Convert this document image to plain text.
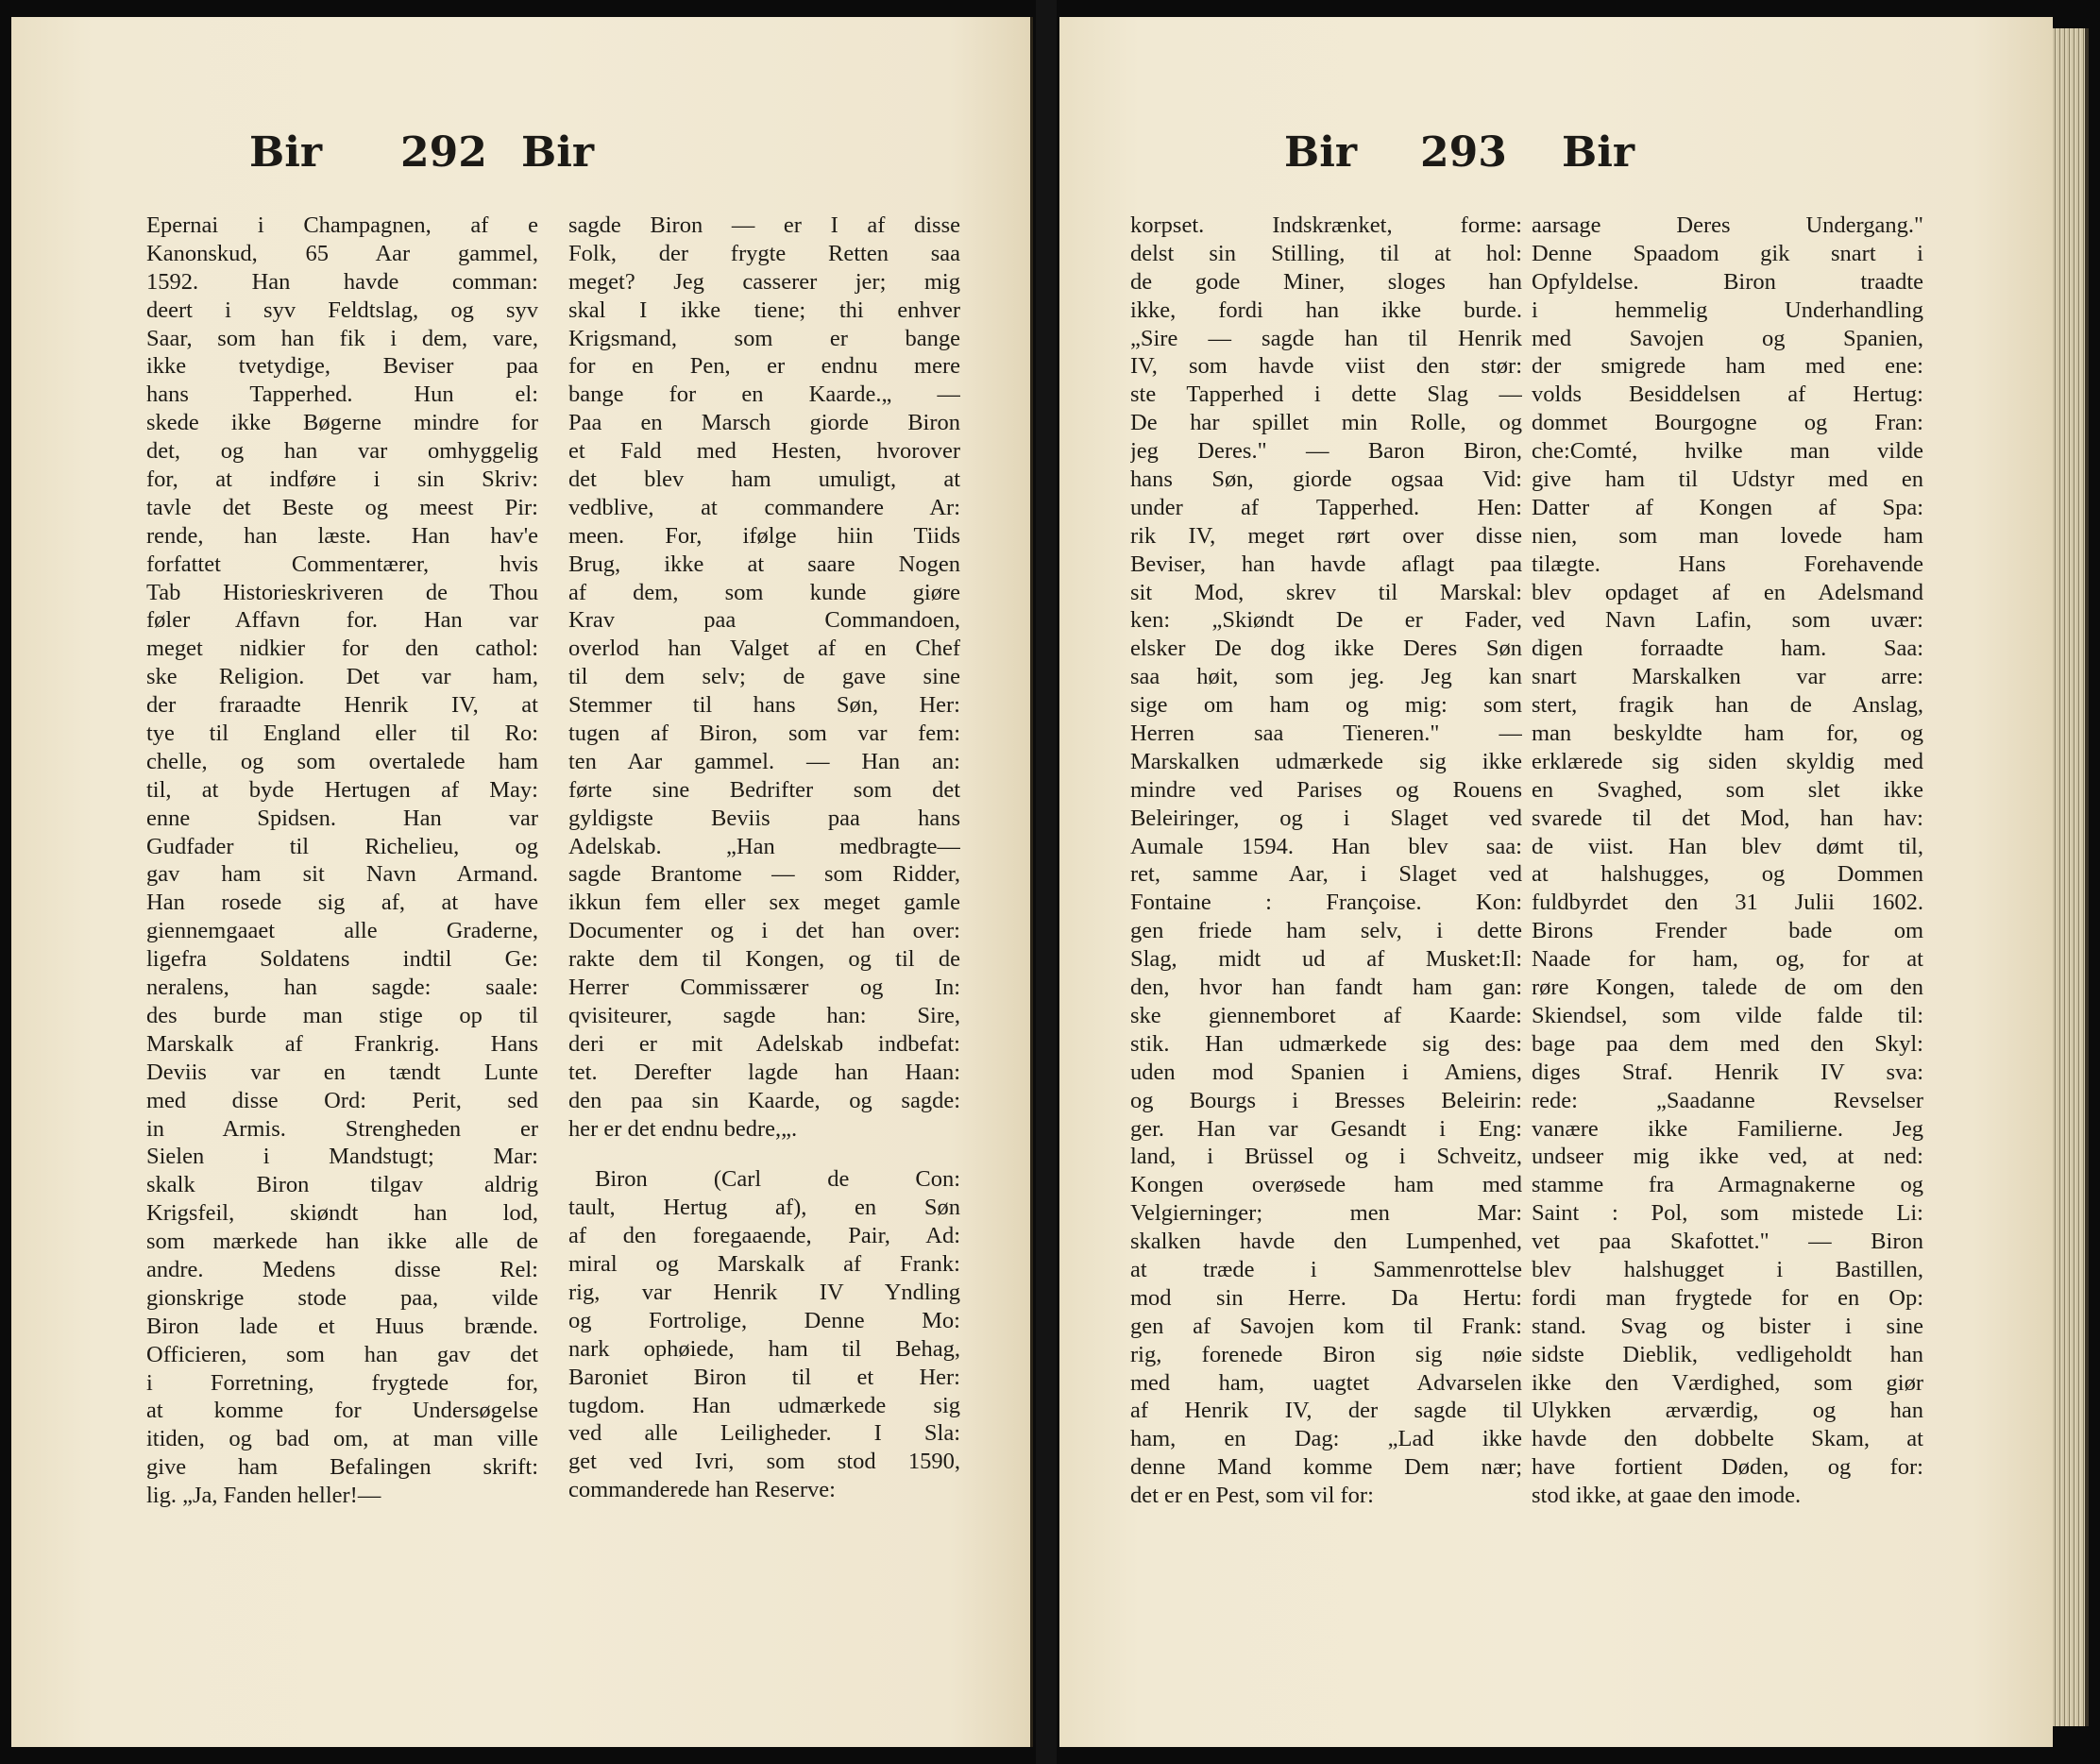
Bir 292 Bir
Epernai i Champagnen, af e
Kanonskud, 65 Aar gammel,
1592. Han havde comman:
deert i syv Feldtslag, og syv
Saar, som han fik i dem, vare,
ikke tvetydige, Beviser paa
hans Tapperhed. Hun el:
skede ikke Bøgerne mindre for
det, og han var omhyggelig
for, at indføre i sin Skriv:
tavle det Beste og meest Pir:
rende, han læste. Han hav'e
forfattet Commentærer, hvis
Tab Historieskriveren de Thou
føler Affavn for. Han var
meget nidkier for den cathol:
ske Religion. Det var ham,
der fraraadte Henrik IV, at
tye til England eller til Ro:
chelle, og som overtalede ham
til, at byde Hertugen af May:
enne Spidsen. Han var
Gudfader til Richelieu, og
gav ham sit Navn Armand.
Han rosede sig af, at have
giennemgaaet alle Graderne,
ligefra Soldatens indtil Ge:
neralens, han sagde: saale:
des burde man stige op til
Marskalk af Frankrig. Hans
Deviis var en tændt Lunte
med disse Ord: Perit, sed
in Armis. Strengheden er
Sielen i Mandstugt; Mar:
skalk Biron tilgav aldrig
Krigsfeil, skiøndt han lod,
som mærkede han ikke alle de
andre. Medens disse Rel:
gionskrige stode paa, vilde
Biron lade et Huus brænde.
Officieren, som han gav det
i Forretning, frygtede for,
at komme for Undersøgelse
itiden, og bad om, at man ville
give ham Befalingen skrift:
lig. „Ja, Fanden heller!—
sagde Biron — er I af disse
Folk, der frygte Retten saa
meget? Jeg casserer jer; mig
skal I ikke tiene; thi enhver
Krigsmand, som er bange
for en Pen, er endnu mere
bange for en Kaarde.„ —
Paa en Marsch giorde Biron
et Fald med Hesten, hvorover
det blev ham umuligt, at
vedblive, at commandere Ar:
meen. For, ifølge hiin Tiids
Brug, ikke at saare Nogen
af dem, som kunde giøre
Krav paa Commandoen,
overlod han Valget af en Chef
til dem selv; de gave sine
Stemmer til hans Søn, Her:
tugen af Biron, som var fem:
ten Aar gammel. — Han an:
førte sine Bedrifter som det
gyldigste Beviis paa hans
Adelskab. „Han medbragte—
sagde Brantome — som Ridder,
ikkun fem eller sex meget gamle
Documenter og i det han over:
rakte dem til Kongen, og til de
Herrer Commissærer og In:
qvisiteurer, sagde han: Sire,
deri er mit Adelskab indbefat:
tet. Derefter lagde han Haan:
den paa sin Kaarde, og sagde:
her er det endnu bedre,„.
Biron (Carl de Con:
tault, Hertug af), en Søn
af den foregaaende, Pair, Ad:
miral og Marskalk af Frank:
rig, var Henrik IV Yndling
og Fortrolige, Denne Mo:
nark ophøiede, ham til Behag,
Baroniet Biron til et Her:
tugdom. Han udmærkede sig
ved alle Leiligheder. I Sla:
get ved Ivri, som stod 1590,
commanderede han Reserve:
Bir 293 Bir
korpset. Indskrænket, forme:
delst sin Stilling, til at hol:
de gode Miner, sloges han
ikke, fordi han ikke burde.
„Sire — sagde han til Henrik
IV, som havde viist den stør:
ste Tapperhed i dette Slag —
De har spillet min Rolle, og
jeg Deres." — Baron Biron,
hans Søn, giorde ogsaa Vid:
under af Tapperhed. Hen:
rik IV, meget rørt over disse
Beviser, han havde aflagt paa
sit Mod, skrev til Marskal:
ken: „Skiøndt De er Fader,
elsker De dog ikke Deres Søn
saa høit, som jeg. Jeg kan
sige om ham og mig: som
Herren saa Tieneren." —
Marskalken udmærkede sig ikke
mindre ved Parises og Rouens
Beleiringer, og i Slaget ved
Aumale 1594. Han blev saa:
ret, samme Aar, i Slaget ved
Fontaine : Françoise. Kon:
gen friede ham selv, i dette
Slag, midt ud af Musket:Il:
den, hvor han fandt ham gan:
ske giennemboret af Kaarde:
stik. Han udmærkede sig des:
uden mod Spanien i Amiens,
og Bourgs i Bresses Beleirin:
ger. Han var Gesandt i Eng:
land, i Brüssel og i Schveitz,
Kongen overøsede ham med
Velgierninger; men Mar:
skalken havde den Lumpenhed,
at træde i Sammenrottelse
mod sin Herre. Da Hertu:
gen af Savojen kom til Frank:
rig, forenede Biron sig nøie
med ham, uagtet Advarselen
af Henrik IV, der sagde til
ham, en Dag: „Lad ikke
denne Mand komme Dem nær;
det er en Pest, som vil for:
aarsage Deres Undergang."
Denne Spaadom gik snart i
Opfyldelse. Biron traadte
i hemmelig Underhandling
med Savojen og Spanien,
der smigrede ham med ene:
volds Besiddelsen af Hertug:
dommet Bourgogne og Fran:
che:Comté, hvilke man vilde
give ham til Udstyr med en
Datter af Kongen af Spa:
nien, som man lovede ham
tilægte. Hans Forehavende
blev opdaget af en Adelsmand
ved Navn Lafin, som uvær:
digen forraadte ham. Saa:
snart Marskalken var arre:
stert, fragik han de Anslag,
man beskyldte ham for, og
erklærede sig siden skyldig med
en Svaghed, som slet ikke
svarede til det Mod, han hav:
de viist. Han blev dømt til,
at halshugges, og Dommen
fuldbyrdet den 31 Julii 1602.
Birons Frender bade om
Naade for ham, og, for at
røre Kongen, talede de om den
Skiendsel, som vilde falde til:
bage paa dem med den Skyl:
diges Straf. Henrik IV sva:
rede: „Saadanne Revselser
vanære ikke Familierne. Jeg
undseer mig ikke ved, at ned:
stamme fra Armagnakerne og
Saint : Pol, som mistede Li:
vet paa Skafottet." — Biron
blev halshugget i Bastillen,
fordi man frygtede for en Op:
stand. Svag og bister i sine
sidste Dieblik, vedligeholdt han
ikke den Værdighed, som giør
Ulykken ærværdig, og han
havde den dobbelte Skam, at
have fortient Døden, og for:
stod ikke, at gaae den imode.
